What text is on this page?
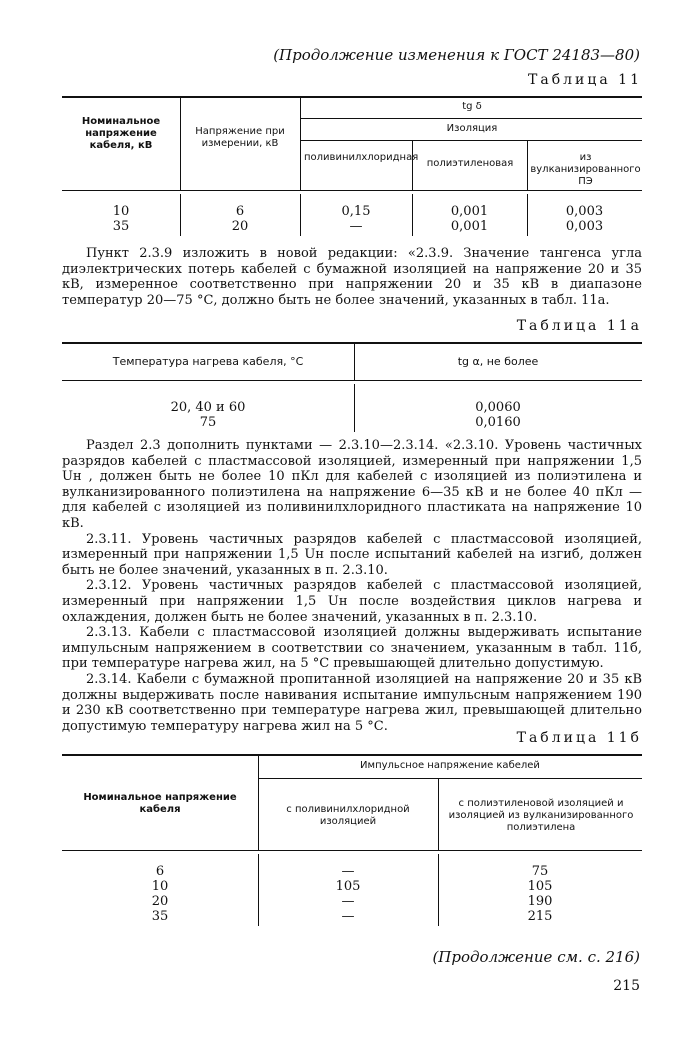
(Продолжение изменения к ГОСТ 24183—80)
Таблица 11
Номинальное напряжение кабеля, кВ
Напряжение при измерении, кВ
tg δ
Изоляция
поливинилхлоридная
полиэтиленовая
из вулканизированного ПЭ
10	6	0,15	0,001	0,003
35	20	—	0,001	0,003

Пункт 2.3.9 изложить в новой редакции: «2.3.9. Значение тангенса угла диэлектрических потерь кабелей с бумажной изоляцией на напряжение 20 и 35 кВ, измеренное соответственно при напряжении 20 и 35 кВ в диапазоне температур 20—75 °С, должно быть не более значений, указанных в табл. 11а.

Таблица 11а
Температура нагрева кабеля, °С	tg α, не более
20, 40 и 60	0,0060
75	0,0160

Раздел 2.3 дополнить пунктами — 2.3.10—2.3.14. «2.3.10. Уровень частичных разрядов кабелей с пластмассовой изоляцией, измеренный при напряжении 1,5 Uн , должен быть не более 10 пКл для кабелей с изоляцией из полиэтилена и вулканизированного полиэтилена на напряжение 6—35 кВ и не более 40 пКл — для кабелей с изоляцией из поливинилхлоридного пластиката на напряжение 10 кВ.

2.3.11. Уровень частичных разрядов кабелей с пластмассовой изоляцией, измеренный при напряжении 1,5 Uн после испытаний кабелей на изгиб, должен быть не более значений, указанных в п. 2.3.10.

2.3.12. Уровень частичных разрядов кабелей с пластмассовой изоляцией, измеренный при напряжении 1,5 Uн после воздействия циклов нагрева и охлаждения, должен быть не более значений, указанных в п. 2.3.10.

2.3.13. Кабели с пластмассовой изоляцией должны выдерживать испытание импульсным напряжением в соответствии со значением, указанным в табл. 11б, при температуре нагрева жил, на 5 °С превышающей длительно допустимую.

2.3.14. Кабели с бумажной пропитанной изоляцией на напряжение 20 и 35 кВ должны выдерживать после навивания испытание импульсным напряжением 190 и 230 кВ соответственно при температуре нагрева жил, превышающей длительно допустимую температуру нагрева жил на 5 °С.

Таблица 11б
Номинальное напряжение кабеля
Импульсное напряжение кабелей
с поливинилхлоридной изоляцией
с полиэтиленовой изоляцией и изоляцией из вулканизированного полиэтилена
6	—	75
10	105	105
20	—	190
35	—	215
(Продолжение см. с. 216)
215
